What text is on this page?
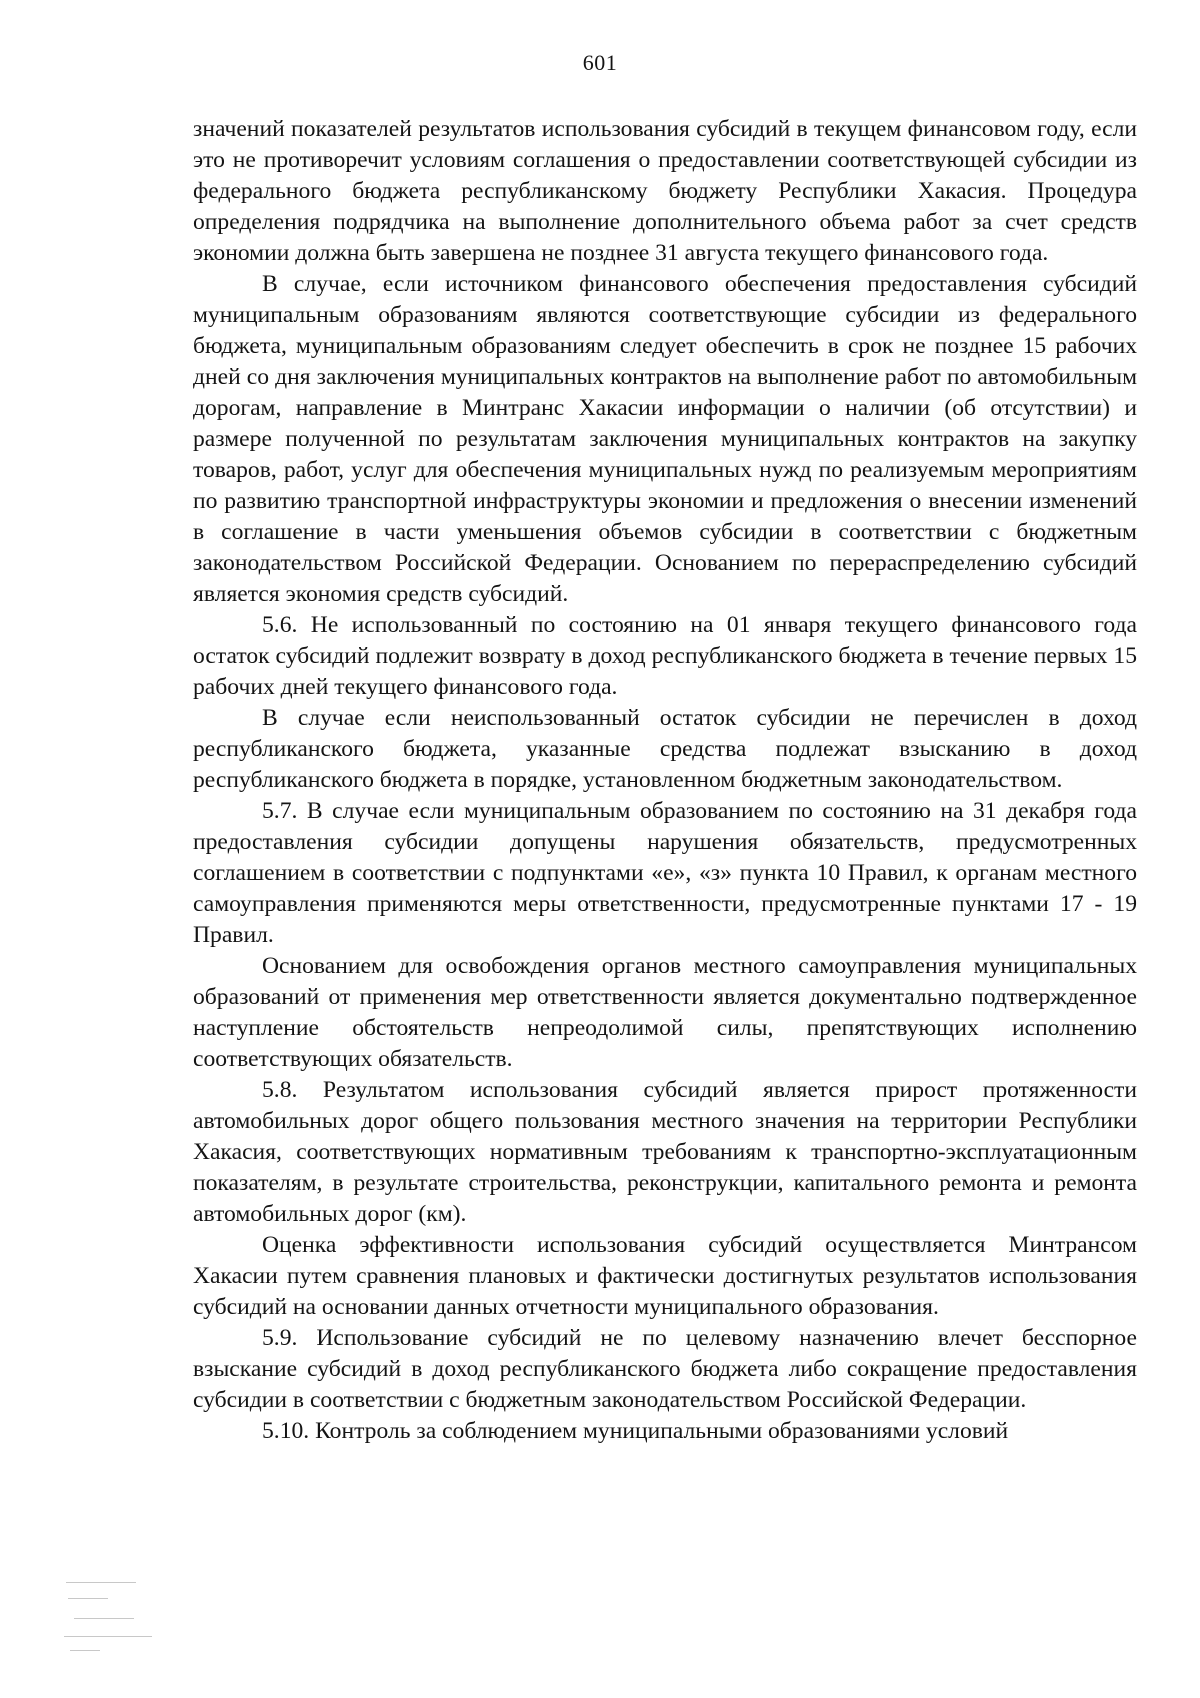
601

значений показателей результатов использования субсидий в текущем финансовом году, если это не противоречит условиям соглашения о предоставлении соответствующей субсидии из федерального бюджета республиканскому бюджету Республики Хакасия. Процедура определения подрядчика на выполнение дополнительного объема работ за счет средств экономии должна быть завершена не позднее 31 августа текущего финансового года.

В случае, если источником финансового обеспечения предоставления субсидий муниципальным образованиям являются соответствующие субсидии из федерального бюджета, муниципальным образованиям следует обеспечить в срок не позднее 15 рабочих дней со дня заключения муниципальных контрактов на выполнение работ по автомобильным дорогам, направление в Минтранс Хакасии информации о наличии (об отсутствии) и размере полученной по результатам заключения муниципальных контрактов на закупку товаров, работ, услуг для обеспечения муниципальных нужд по реализуемым мероприятиям по развитию транспортной инфраструктуры экономии и предложения о внесении изменений в соглашение в части уменьшения объемов субсидии в соответствии с бюджетным законодательством Российской Федерации. Основанием по перераспределению субсидий является экономия средств субсидий.

5.6. Не использованный по состоянию на 01 января текущего финансового года остаток субсидий подлежит возврату в доход республиканского бюджета в течение первых 15 рабочих дней текущего финансового года.

В случае если неиспользованный остаток субсидии не перечислен в доход республиканского бюджета, указанные средства подлежат взысканию в доход республиканского бюджета в порядке, установленном бюджетным законодательством.

5.7. В случае если муниципальным образованием по состоянию на 31 декабря года предоставления субсидии допущены нарушения обязательств, предусмотренных соглашением в соответствии с подпунктами «е», «з» пункта 10 Правил, к органам местного самоуправления применяются меры ответственности, предусмотренные пунктами 17 - 19 Правил.

Основанием для освобождения органов местного самоуправления муниципальных образований от применения мер ответственности является документально подтвержденное наступление обстоятельств непреодолимой силы, препятствующих исполнению соответствующих обязательств.

5.8. Результатом использования субсидий является прирост протяженности автомобильных дорог общего пользования местного значения на территории Республики Хакасия, соответствующих нормативным требованиям к транспортно-эксплуатационным показателям, в результате строительства, реконструкции, капитального ремонта и ремонта автомобильных дорог (км).

Оценка эффективности использования субсидий осуществляется Минтрансом Хакасии путем сравнения плановых и фактически достигнутых результатов использования субсидий на основании данных отчетности муниципального образования.

5.9. Использование субсидий не по целевому назначению влечет бесспорное взыскание субсидий в доход республиканского бюджета либо сокращение предоставления субсидии в соответствии с бюджетным законодательством Российской Федерации.

5.10. Контроль за соблюдением муниципальными образованиями условий
